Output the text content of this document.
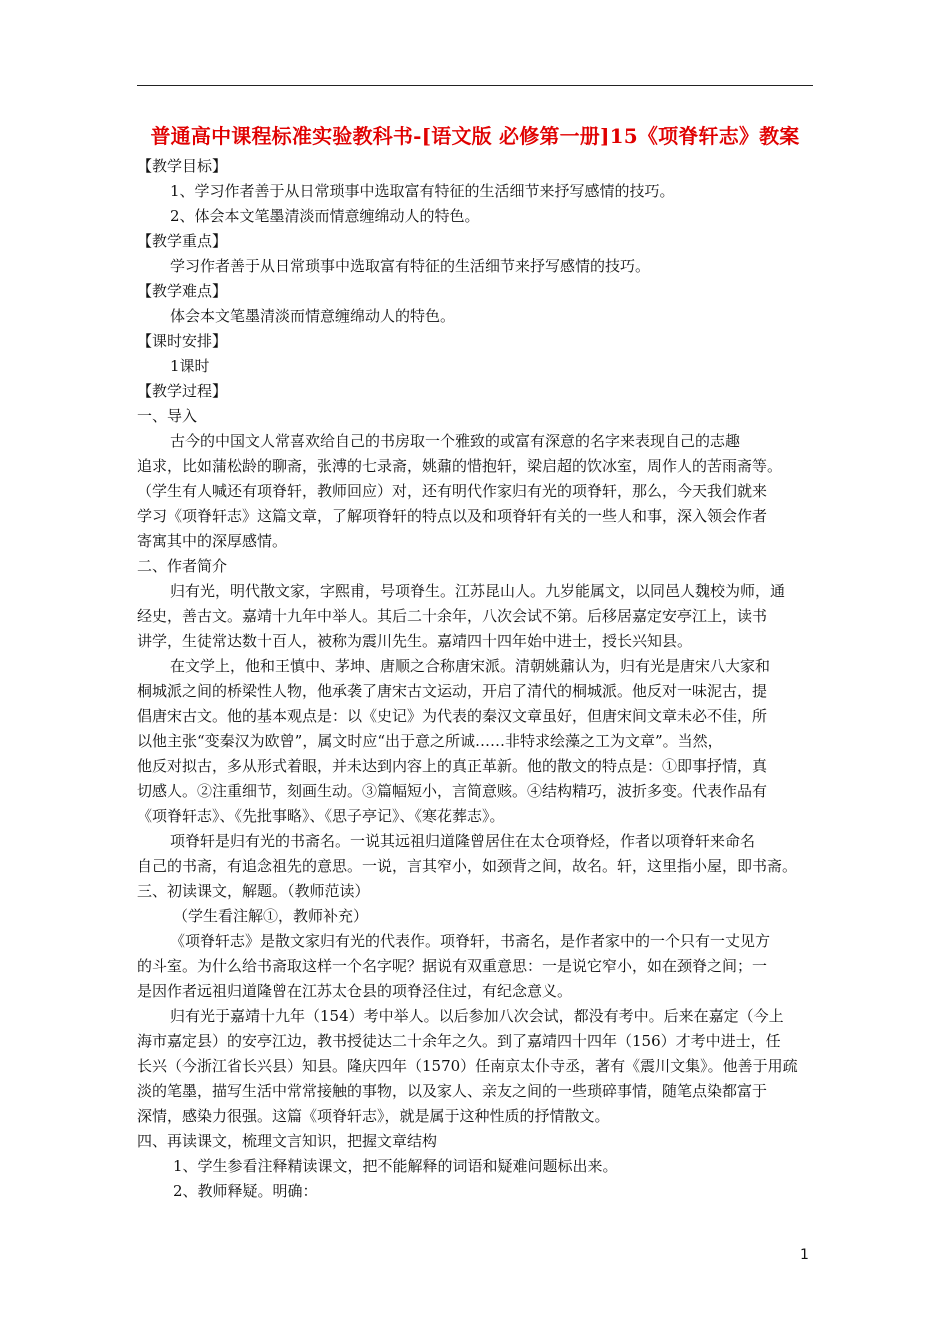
普通高中课程标准实验教科书-[语文版 必修第一册]15《项脊轩志》教案
【教学目标】
1、学习作者善于从日常琐事中选取富有特征的生活细节来抒写感情的技巧。
2、体会本文笔墨清淡而情意缠绵动人的特色。
【教学重点】
学习作者善于从日常琐事中选取富有特征的生活细节来抒写感情的技巧。
【教学难点】
体会本文笔墨清淡而情意缠绵动人的特色。
【课时安排】
1课时
【教学过程】
一、导入
古今的中国文人常喜欢给自己的书房取一个雅致的或富有深意的名字来表现自己的志趣
追求，比如蒲松龄的聊斋，张溥的七录斋，姚鼐的惜抱轩，梁启超的饮冰室，周作人的苦雨斋等。
（学生有人喊还有项脊轩，教师回应）对，还有明代作家归有光的项脊轩，那么，今天我们就来
学习《项脊轩志》这篇文章，了解项脊轩的特点以及和项脊轩有关的一些人和事，深入领会作者
寄寓其中的深厚感情。
二、作者简介
归有光，明代散文家，字熙甫，号项脊生。江苏昆山人。九岁能属文，以同邑人魏校为师，通
经史，善古文。嘉靖十九年中举人。其后二十余年，八次会试不第。后移居嘉定安亭江上，读书
讲学，生徒常达数十百人，被称为震川先生。嘉靖四十四年始中进士，授长兴知县。
在文学上，他和王慎中、茅坤、唐顺之合称唐宋派。清朝姚鼐认为，归有光是唐宋八大家和
桐城派之间的桥梁性人物，他承袭了唐宋古文运动，开启了清代的桐城派。他反对一味泥古，提
倡唐宋古文。他的基本观点是：以《史记》为代表的秦汉文章虽好，但唐宋间文章未必不佳，所
以他主张“变秦汉为欧曾”，属文时应“出于意之所诚……非特求绘藻之工为文章”。当然，
他反对拟古，多从形式着眼，并未达到内容上的真正革新。他的散文的特点是：①即事抒情，真
切感人。②注重细节，刻画生动。③篇幅短小，言简意赅。④结构精巧，波折多变。代表作品有
《项脊轩志》、《先批事略》、《思子亭记》、《寒花葬志》。
项脊轩是归有光的书斋名。一说其远祖归道隆曾居住在太仓项脊烃，作者以项脊轩来命名
自己的书斋，有追念祖先的意思。一说，言其窄小，如颈背之间，故名。轩，这里指小屋，即书斋。
三、初读课文，解题。（教师范读）
（学生看注解①，教师补充）
《项脊轩志》是散文家归有光的代表作。项脊轩，书斋名，是作者家中的一个只有一丈见方
的斗室。为什么给书斋取这样一个名字呢？据说有双重意思：一是说它窄小，如在颈脊之间；一
是因作者远祖归道隆曾在江苏太仓县的项脊泾住过，有纪念意义。
归有光于嘉靖十九年（154）考中举人。以后参加八次会试，都没有考中。后来在嘉定（今上
海市嘉定县）的安亭江边，教书授徒达二十余年之久。到了嘉靖四十四年（156）才考中进士，任
长兴（今浙江省长兴县）知县。隆庆四年（1570）任南京太仆寺丞，著有《震川文集》。他善于用疏
淡的笔墨，描写生活中常常接触的事物，以及家人、亲友之间的一些琐碎事情，随笔点染都富于
深情，感染力很强。这篇《项脊轩志》，就是属于这种性质的抒情散文。
四、再读课文，梳理文言知识，把握文章结构
1、学生参看注释精读课文，把不能解释的词语和疑难问题标出来。
2、教师释疑。明确：
1
